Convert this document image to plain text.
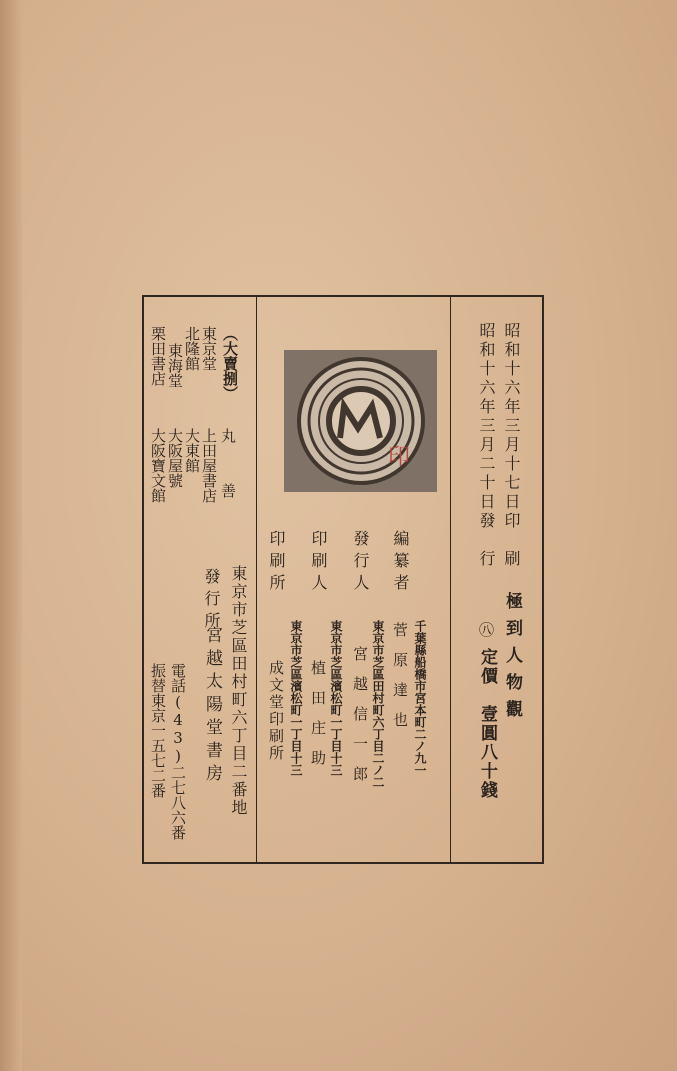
昭和十六年三月十七日印　刷
昭和十六年三月二十日發　行
印
極到人物觀
㊇
定價　壹圓八十錢
編纂者
千葉縣船橋市宮本町二ノ九一
菅　原　達　也
發行人
東京市芝區田村町六丁目二ノ二
宮　越　信　一　郎
印刷人
東京市芝區濱松町一丁目十三
植　田　庄　助
印刷所
東京市芝區濱松町一丁目十三
成文堂印刷所
東京市芝區田村町六丁目二番地
發行所
宮越太陽堂書房
電話(43)二七八六番
振替東京一五七二番
（大賣捌）
東京堂
北隆館
東海堂
栗田書店
丸善
上田屋書店
大東館
大阪屋號
大阪寶文館
